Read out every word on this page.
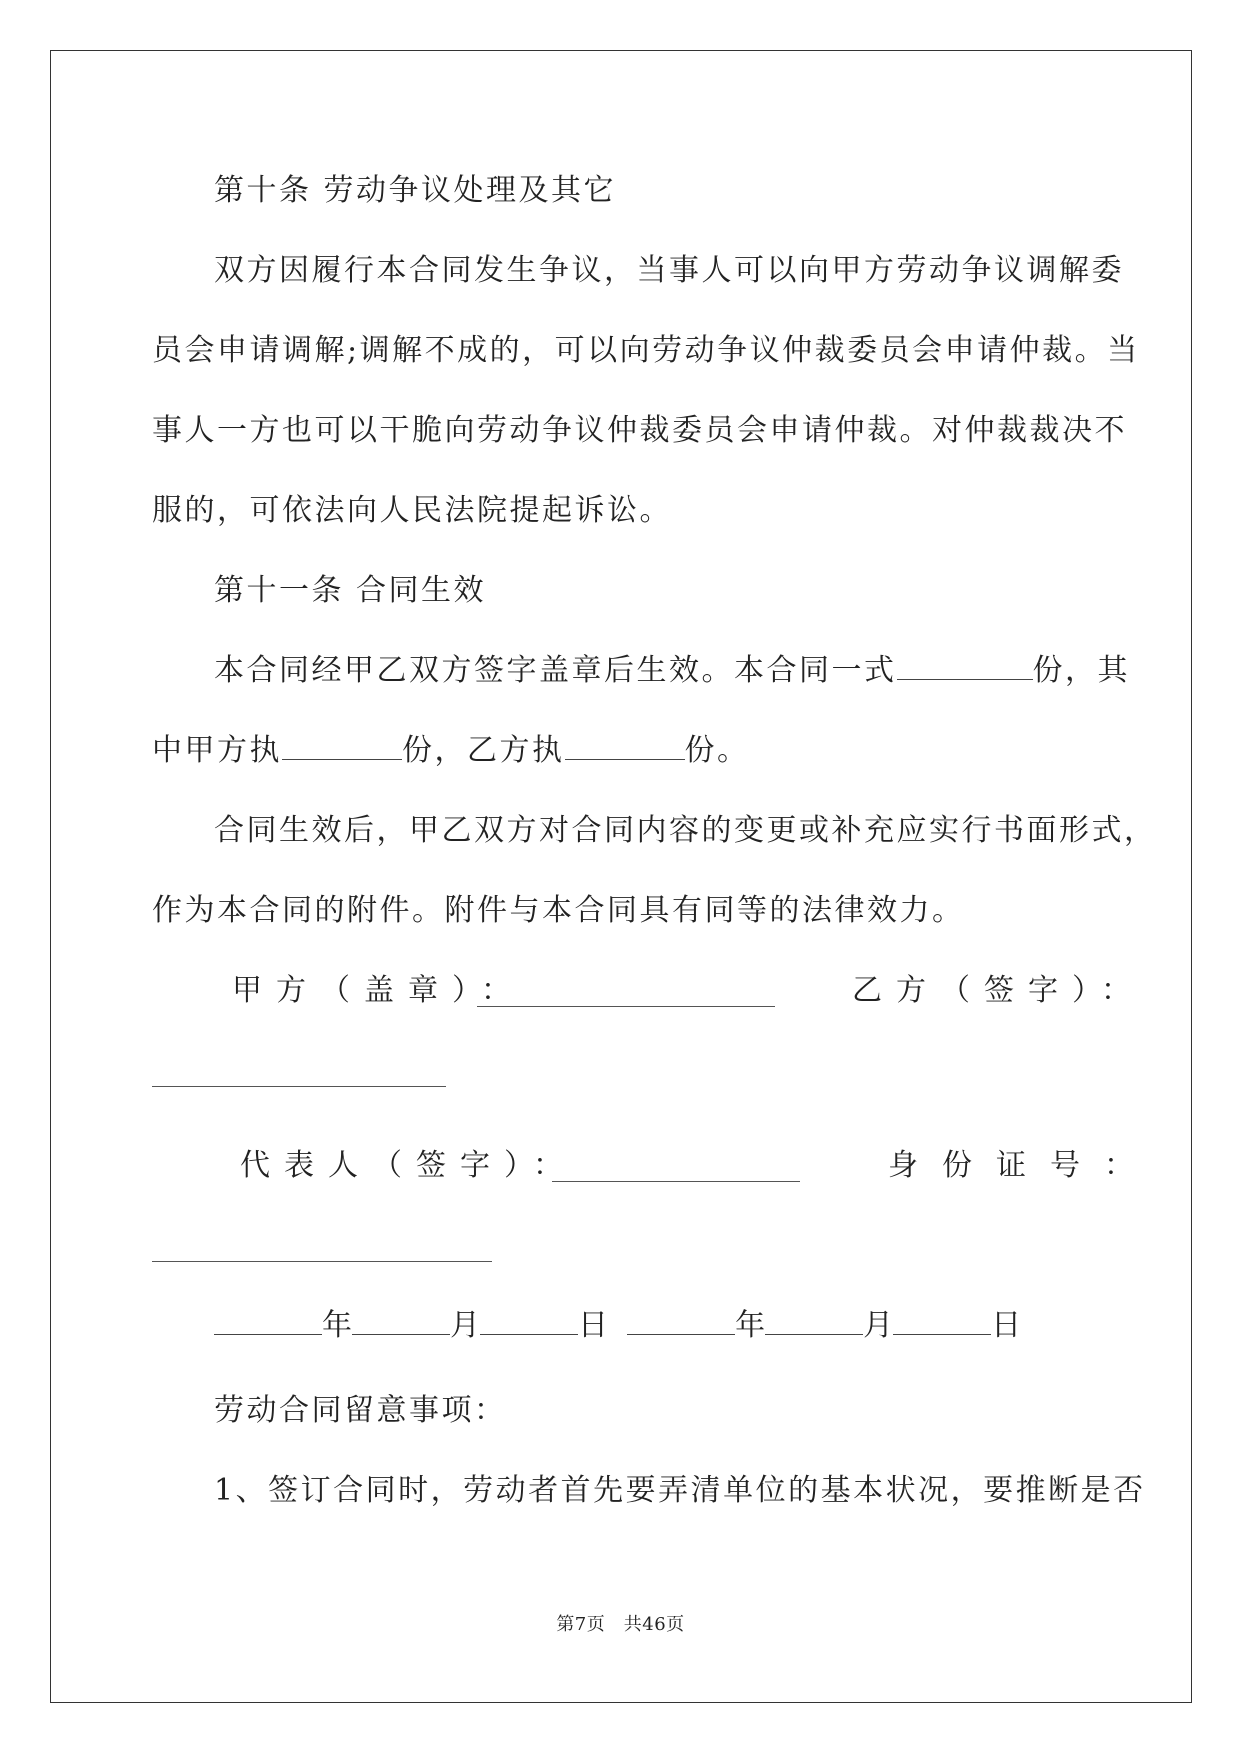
第十条 劳动争议处理及其它
双方因履行本合同发生争议，当事人可以向甲方劳动争议调解委
员会申请调解;调解不成的，可以向劳动争议仲裁委员会申请仲裁。当
事人一方也可以干脆向劳动争议仲裁委员会申请仲裁。对仲裁裁决不
服的，可依法向人民法院提起诉讼。
第十一条 合同生效
本合同经甲乙双方签字盖章后生效。本合同一式	份，其
中甲方执	份，乙方执	份。
合同生效后，甲乙双方对合同内容的变更或补充应实行书面形式，
作为本合同的附件。附件与本合同具有同等的法律效力。
甲方（盖章）：	乙方（签字）：
代表人（签字）：	身份证号：
年	月	日	年	月	日
劳动合同留意事项：
1、签订合同时，劳动者首先要弄清单位的基本状况，要推断是否
第7页　共46页
